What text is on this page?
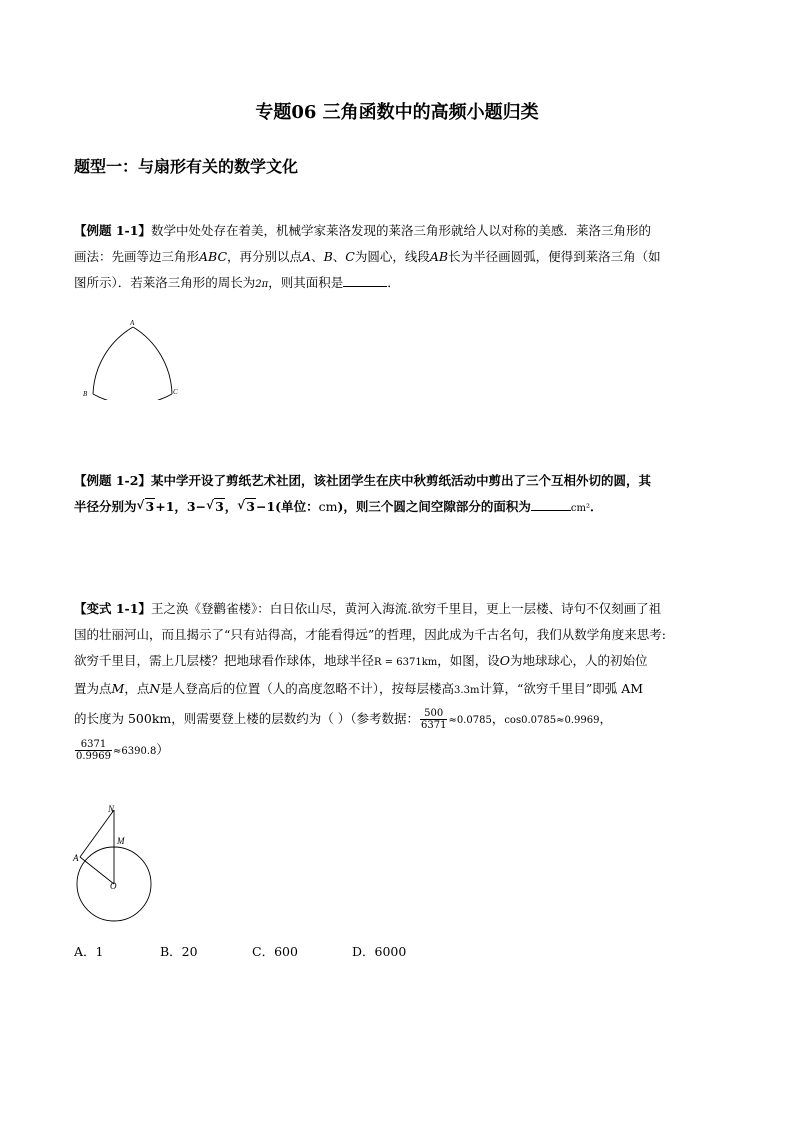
专题06 三角函数中的高频小题归类
题型一：与扇形有关的数学文化
【例题 1-1】数学中处处存在着美，机械学家莱洛发现的莱洛三角形就给人以对称的美感．莱洛三角形的
画法：先画等边三角形ABC，再分别以点A、B、C为圆心，线段AB长为半径画圆弧，便得到莱洛三角（如
图所示）．若莱洛三角形的周长为2π，则其面积是	．
A
B	C
【例题 1-2】某中学开设了剪纸艺术社团，该社团学生在庆中秋剪纸活动中剪出了三个互相外切的圆，其
半径分别为 √ 3+1，3− √ 3， √ 3−1(单位：cm)，则三个圆之间空隙部分的面积为	cm²．
【变式 1-1】王之涣《登鹳雀楼》：白日依山尽，黄河入海流.欲穷千里目，更上一层楼、诗句不仅刻画了祖
国的壮丽河山，而且揭示了“只有站得高，才能看得远”的哲理，因此成为千古名句，我们从数学角度来思考:
欲穷千里目，需上几层楼？把地球看作球体，地球半径R = 6371km，如图，设O为地球球心，人的初始位
置为点M，点N是人登高后的位置（人的高度忽略不计），按每层楼高3.3m计算，“欲穷千里目”即弧 AM
的长度为 500km，则需要登上楼的层数约为（ ）（参考数据： $\frac{500}{6371} \approx 0.0785$，cos0.0785≈0.9969，
$\frac{6371}{0.9969} \approx 6390.8$）
N
M
A
O
A．1	B．20	C．600	D．6000
